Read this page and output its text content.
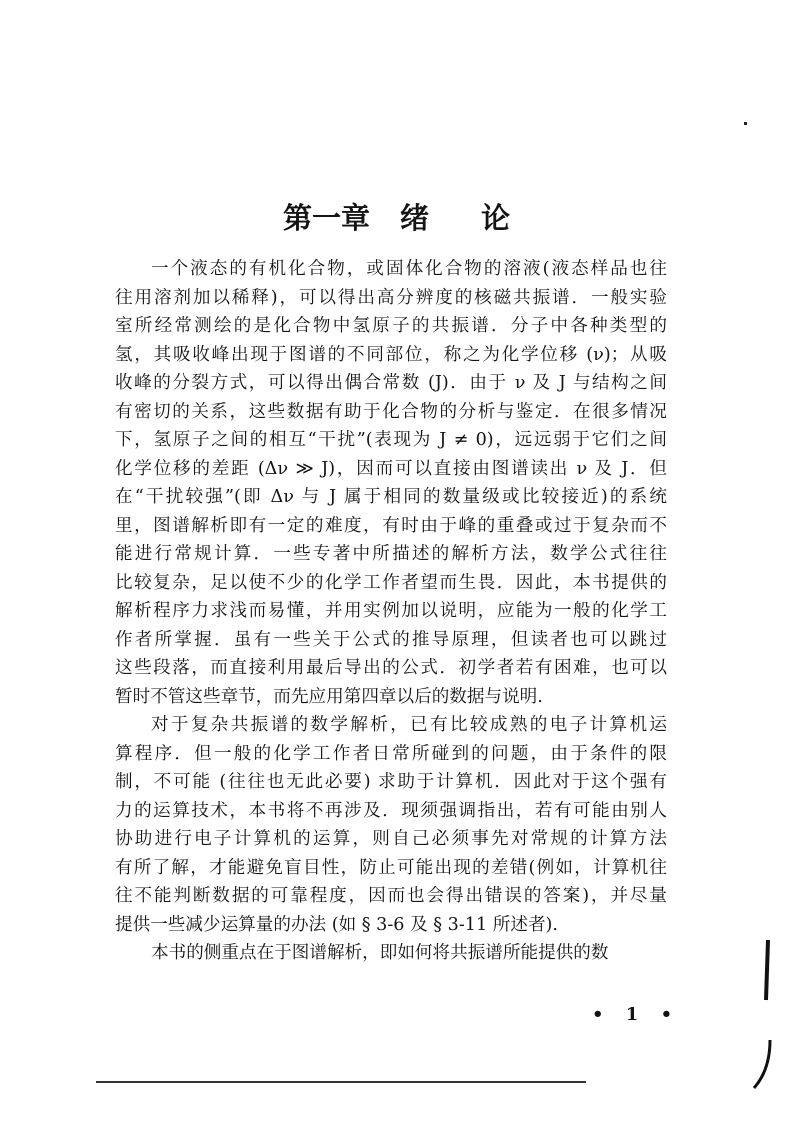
第一章 绪 论
一个液态的有机化合物，或固体化合物的溶液(液态样品也往
往用溶剂加以稀释)，可以得出高分辨度的核磁共振谱．一般实验
室所经常测绘的是化合物中氢原子的共振谱．分子中各种类型的
氢，其吸收峰出现于图谱的不同部位，称之为化学位移 (ν)；从吸
收峰的分裂方式，可以得出偶合常数 (J)．由于 ν 及 J 与结构之间
有密切的关系，这些数据有助于化合物的分析与鉴定．在很多情况
下，氢原子之间的相互“干扰”(表现为 J ≠ 0)，远远弱于它们之间
化学位移的差距 (Δν ≫ J)，因而可以直接由图谱读出 ν 及 J．但
在“干扰较强”(即 Δν 与 J 属于相同的数量级或比较接近)的系统
里，图谱解析即有一定的难度，有时由于峰的重叠或过于复杂而不
能进行常规计算．一些专著中所描述的解析方法，数学公式往往
比较复杂，足以使不少的化学工作者望而生畏．因此，本书提供的
解析程序力求浅而易懂，并用实例加以说明，应能为一般的化学工
作者所掌握．虽有一些关于公式的推导原理，但读者也可以跳过
这些段落，而直接利用最后导出的公式．初学者若有困难，也可以
暂时不管这些章节，而先应用第四章以后的数据与说明.
对于复杂共振谱的数学解析，已有比较成熟的电子计算机运
算程序．但一般的化学工作者日常所碰到的问题，由于条件的限
制，不可能 (往往也无此必要) 求助于计算机．因此对于这个强有
力的运算技术，本书将不再涉及．现须强调指出，若有可能由别人
协助进行电子计算机的运算，则自己必须事先对常规的计算方法
有所了解，才能避免盲目性，防止可能出现的差错(例如，计算机往
往不能判断数据的可靠程度，因而也会得出错误的答案)，并尽量
提供一些减少运算量的办法 (如 § 3-6 及 § 3-11 所述者).
本书的侧重点在于图谱解析，即如何将共振谱所能提供的数
• 1 •
